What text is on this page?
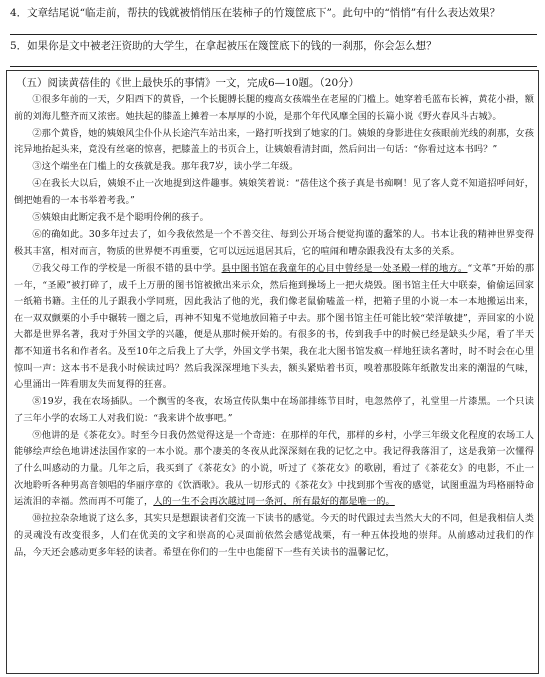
4．文章结尾说“临走前，帮扶的钱就被悄悄压在装柿子的竹篾筐底下”。此句中的“悄悄”有什么表达效果？
5．如果你是文中被老汪资助的大学生，在拿起被压在篾筐底下的钱的一刹那，你会怎么想？
（五）阅读黄蓓佳的《世上最快乐的事情》一文，完成6—10题。（20分）

①很多年前的一天，夕阳西下的黄昏，一个长腿膊长腿的瘦高女孩端坐在老屋的门槛上。她穿着毛蓝布长裤，黄花小褂，额前的刘海儿整齐而又浓密。她扶起的膝盖上摊着一本厚厚的小说，是那个年代风靡全国的长篇小说《野火春风斗古城》。

②那个黄昏，她的姨娘风尘仆仆从长途汽车站出来，一路打听找到了她家的门。姨娘的身影进住女孩眼前光线的刹那，女孩诧异地抬起头来，竟没有丝毫的惊喜，把膝盖上的书页合上，让姨娘看清封面，然后问出一句话：“你看过这本书吗？”

③这个端坐在门槛上的女孩就是我。那年我7岁，读小学二年级。

④在我长大以后，姨娘不止一次地提到这件趣事。姨娘笑着说：“蓓佳这个孩子真是书痴啊！见了客人竟不知道招呼问好，倒把她看的一本书举着考我。”

⑤姨娘由此断定我不是个聪明伶俐的孩子。

⑥的确如此。30多年过去了，如今我依然是一个不善交往、每到公开场合便觉拘谨的蠢笨的人。书本让我的精神世界变得极其丰富，相对而言，物质的世界便不再重要，它可以远远退居其后，它的喧闹和嘈杂跟我没有太多的关系。

⑦我父母工作的学校是一所很不错的县中学。县中图书馆在我童年的心目中曾经是一处圣殿一样的地方。“文革”开始的那一年，“圣殿”被打碎了，成千上万册的图书馆被掀出来示众，然后拖到操场上一把火烧毁。图书馆主任大中联泰，偷偷运回家一纸箱书籍。主任的儿子跟我小学同班，因此我沾了他的光，我们像老鼠偷嗑盖一样，把箱子里的小说一本一本地搬运出来，在一双双颤栗的小手中辗转一圈之后，再神不知鬼不觉地放回箱子中去。那个图书馆主任可能比较“荣洋敏捷”，弄回家的小说大都是世界名著，我对于外国文学的兴趣，便是从那时候开始的。有很多的书，传到我手中的时候已经是缺头少尾，看了半天都不知道书名和作者名。及至10年之后我上了大学，外国文学书架，我在北大图书馆发疯一样地狂读名著时，时不时会在心里惊叫一声：这本书不是我小时候读过吗？然后我深深埋地下头去，额头紧贴着书页，嗅着那股陈年纸散发出来的潮湿的气味，心里涌出一阵看朋友失而复得的狂喜。

⑧19岁，我在农场插队。一个飘雪的冬夜，农场宣传队集中在场部排练节目时，电忽然停了，礼堂里一片漆黑。一个只读了三年小学的农场工人对我们说：“我来讲个故事吧。”

⑨他讲的是《茶花女》。时至今日我仍然觉得这是一个奇迹：在那样的年代，那样的乡村，小学三年级文化程度的农场工人能够绘声绘色地讲述法国作家的一本小说。那个凄美的冬夜从此深深刻在我的记忆之中。我记得我落泪了，这是我第一次懂得了什么叫感动的力量。几年之后，我买到了《茶花女》的小说，听过了《茶花女》的歌剧，看过了《茶花女》的电影，不止一次地聆听各种男高音领唱的华丽序章的《饮酒歌》。我从一切形式的《茶花女》中找到那个雪夜的感觉，试图重温为玛格丽特命运流泪的幸福。然而再不可能了，人的一生不会再次越过同一条河，所有最好的都是唯一的。

⑩拉拉杂杂地说了这么多，其实只是想跟读者们交流一下读书的感觉。今天的时代跟过去当然大大的不同，但是我相信人类的灵魂没有改变很多，人们在优美的文字和崇高的心灵面前依然会感觉战栗，有一种五体投地的崇拜。从前感动过我们的作品，今天还会感动更多年轻的读者。希望在你们的一生中也能留下一些有关读书的温馨记忆，
